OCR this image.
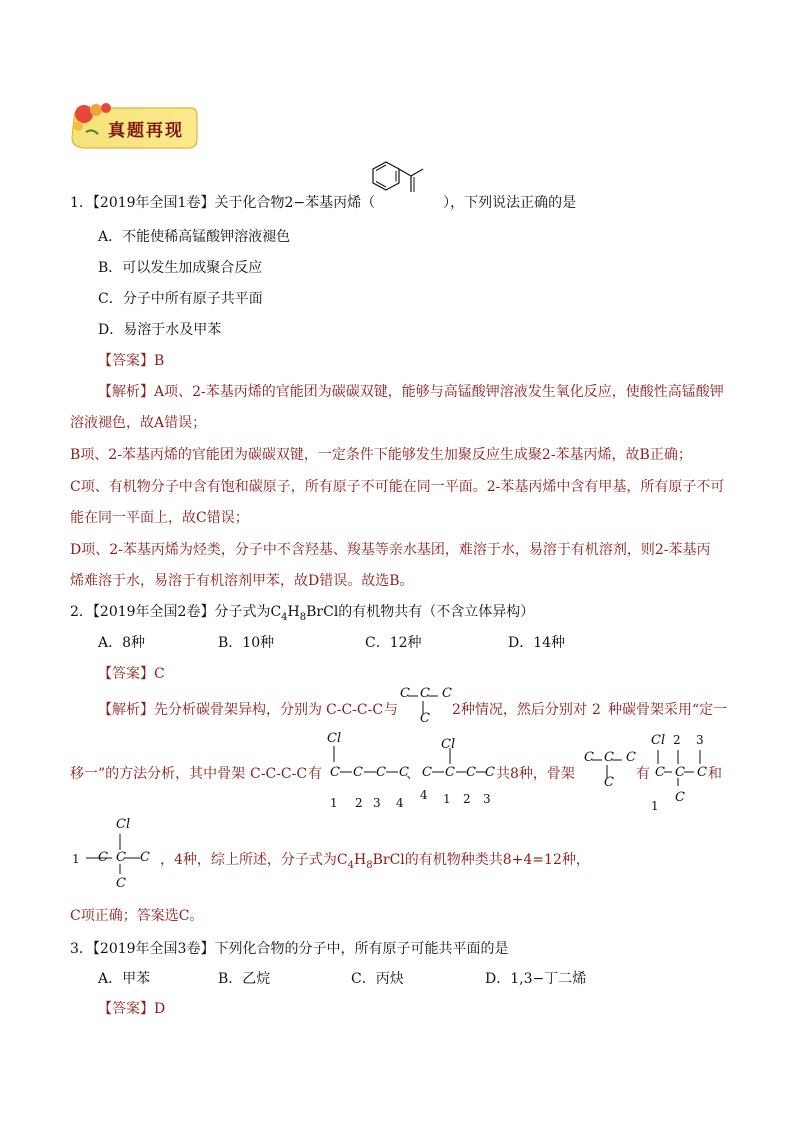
真题再现
1．【2019年全国1卷】关于化合物2−苯基丙烯（	），下列说法正确的是
A．不能使稀高锰酸钾溶液褪色
B．可以发生加成聚合反应
C．分子中所有原子共平面
D．易溶于水及甲苯
【答案】B
【解析】A项、2-苯基丙烯的官能团为碳碳双键，能够与高锰酸钾溶液发生氧化反应，使酸性高锰酸钾
溶液褪色，故A错误；
B项、2-苯基丙烯的官能团为碳碳双键，一定条件下能够发生加聚反应生成聚2-苯基丙烯，故B正确；
C项、有机物分子中含有饱和碳原子，所有原子不可能在同一平面。2-苯基丙烯中含有甲基，所有原子不可
能在同一平面上，故C错误；
D项、2-苯基丙烯为烃类，分子中不含羟基、羧基等亲水基团，难溶于水，易溶于有机溶剂，则2-苯基丙
烯难溶于水，易溶于有机溶剂甲苯，故D错误。故选B。
2．【2019年全国2卷】分子式为$C_4H_8BrCl$的有机物共有（不含立体异构）
A．8种	B．10种	C．12种	D．14种
【答案】C
【解析】先分析碳骨架异构，分别为 C-C-C-C 与
C C C
C
2种情况，然后分别对 2 种碳骨架采用“定一
移一”的方法分析，其中骨架 C-C-C-C 有
Cl
C C C C
1 2 3 4
、
Cl
C C C C
4 1 2 3
共8种，骨架
C C C
C
有
Cl 2 3
C C C
C
1
和
1
Cl
C C C
C
，4种，综上所述，分子式为$C_4H_8BrCl$的有机物种类共8+4=12种，
C项正确；答案选C。
3．【2019年全国3卷】下列化合物的分子中，所有原子可能共平面的是
A．甲苯	B．乙烷	C．丙炔	D．1,3−丁二烯
【答案】D
